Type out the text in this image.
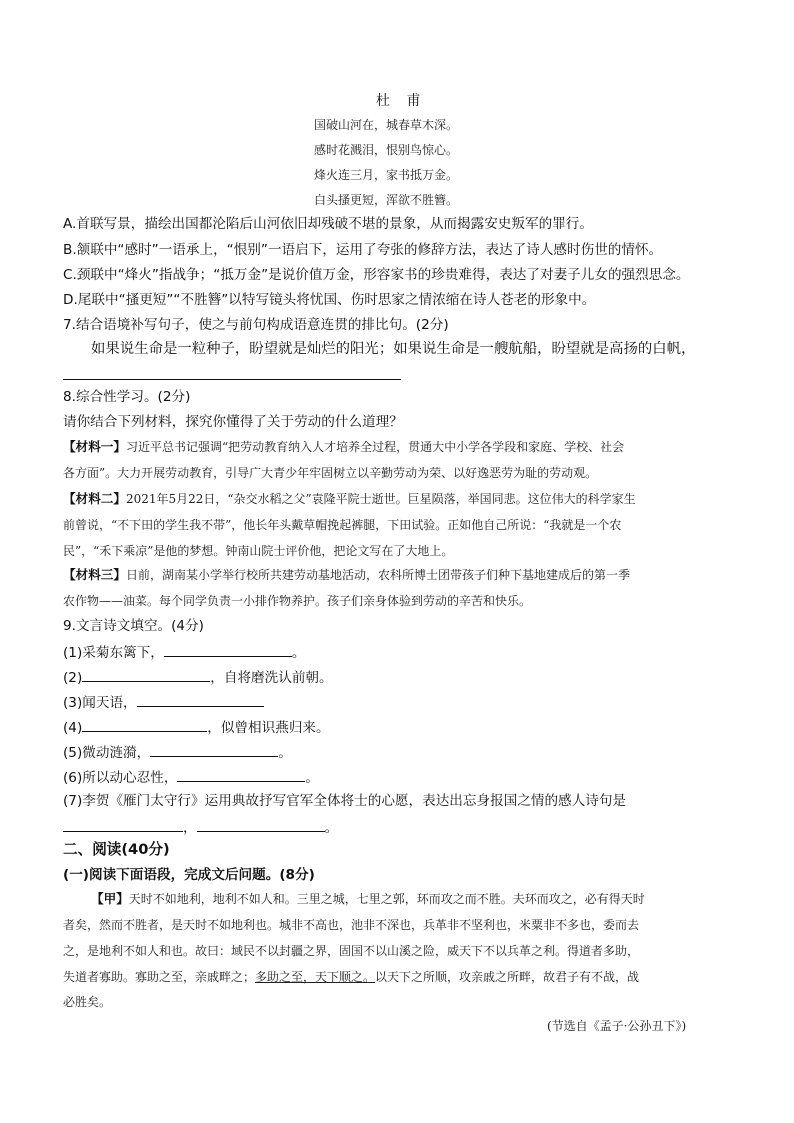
杜 甫
国破山河在，城春草木深。
感时花溅泪，恨别鸟惊心。
烽火连三月，家书抵万金。
白头搔更短，浑欲不胜簪。
A.首联写景，描绘出国都沦陷后山河依旧却残破不堪的景象，从而揭露安史叛军的罪行。
B.颔联中“感时”一语承上，“恨别”一语启下，运用了夸张的修辞方法，表达了诗人感时伤世的情怀。
C.颈联中“烽火”指战争；“抵万金”是说价值万金，形容家书的珍贵难得，表达了对妻子儿女的强烈思念。
D.尾联中“搔更短”“不胜簪”以特写镜头将忧国、伤时思家之情浓缩在诗人苍老的形象中。
7.结合语境补写句子，使之与前句构成语意连贯的排比句。(2分)
如果说生命是一粒种子，盼望就是灿烂的阳光；如果说生命是一艘航船，盼望就是高扬的白帆，
8.综合性学习。(2分)
请你结合下列材料，探究你懂得了关于劳动的什么道理？
【材料一】习近平总书记强调“把劳动教育纳入人才培养全过程，贯通大中小学各学段和家庭、学校、社会
各方面”。大力开展劳动教育，引导广大青少年牢固树立以辛勤劳动为荣、以好逸恶劳为耻的劳动观。
【材料二】2021年5月22日，“杂交水稻之父”袁隆平院士逝世。巨星陨落，举国同悲。这位伟大的科学家生
前曾说，“不下田的学生我不带”，他长年头戴草帽挽起裤腿，下田试验。正如他自己所说：“我就是一个农
民”，“禾下乘凉”是他的梦想。钟南山院士评价他，把论文写在了大地上。
【材料三】日前，湖南某小学举行校所共建劳动基地活动，农科所博士团带孩子们种下基地建成后的第一季
农作物——油菜。每个同学负责一小排作物养护。孩子们亲身体验到劳动的辛苦和快乐。
9.文言诗文填空。(4分)
(1)采菊东篱下，	。
(2)	，自将磨洗认前朝。
(3)闻天语，
(4)	，似曾相识燕归来。
(5)微动涟漪，	。
(6)所以动心忍性，	。
(7)李贺《雁门太守行》运用典故抒写官军全体将士的心愿，表达出忘身报国之情的感人诗句是
，	。
二、阅读(40分)
(一)阅读下面语段，完成文后问题。(8分)
【甲】天时不如地利，地利不如人和。三里之城，七里之郭，环而攻之而不胜。夫环而攻之，必有得天时
者矣，然而不胜者，是天时不如地利也。城非不高也，池非不深也，兵革非不坚利也，米粟非不多也，委而去
之，是地利不如人和也。故曰：域民不以封疆之界，固国不以山溪之险，威天下不以兵革之利。得道者多助，
失道者寡助。寡助之至，亲戚畔之；多助之至，天下顺之。以天下之所顺，攻亲戚之所畔，故君子有不战，战
必胜矣。
(节选自《孟子·公孙丑下》)
